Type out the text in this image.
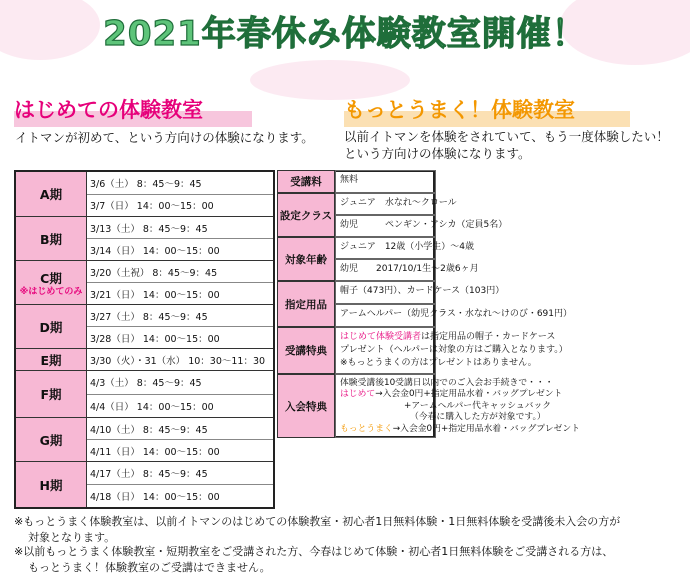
2021年春休み体験教室開催！
はじめての体験教室
イトマンが初めて、という方向けの体験になります。
もっとうまく！体験教室
以前イトマンを体験をされていて、もう一度体験したい！
という方向けの体験になります。
A期
3/6（土） 8：45～9：45
3/7（日） 14：00～15：00
B期
3/13（土） 8：45～9：45
3/14（日） 14：00～15：00
C期
※はじめてのみ
3/20（土祝） 8：45～9：45
3/21（日） 14：00～15：00
D期
3/27（土） 8：45～9：45
3/28（日） 14：00～15：00
E期	3/30（火）・31（水） 10：30～11：30
F期
4/3（土） 8：45～9：45
4/4（日） 14：00～15：00
G期
4/10（土） 8：45～9：45
4/11（日） 14：00～15：00
H期
4/17（土） 8：45～9：45
4/18（日） 14：00～15：00
受講料	無料
設定クラス
ジュニア　水なれ～クロール
幼児　　　ペンギン・アシカ（定員5名）
対象年齢
ジュニア　12歳（小学生）～4歳
幼児　　2017/10/1生～2歳6ヶ月
指定用品
帽子（473円）、カードケース（103円）
アームヘルパー（幼児クラス・水なれ～けのび・691円）
受講特典
はじめて体験受講者は指定用品の帽子・カードケース
プレゼント（ヘルパーは対象の方はご購入となります。）
※もっとうまくの方はプレゼントはありません。
入会特典
体験受講後10受講日以内でのご入会お手続きで・・・
はじめて→入会金0円+指定用品水着・バッグプレゼント
+アームヘルパー代キャッシュバック
（今春に購入した方が対象です。）
もっとうまく→入会金0円+指定用品水着・バッグプレゼント
※もっとうまく体験教室は、以前イトマンのはじめての体験教室・初心者1日無料体験・1日無料体験を受講後未入会の方が
対象となります。
※以前もっとうまく体験教室・短期教室をご受講された方、今春はじめて体験・初心者1日無料体験をご受講される方は、
もっとうまく！体験教室のご受講はできません。
